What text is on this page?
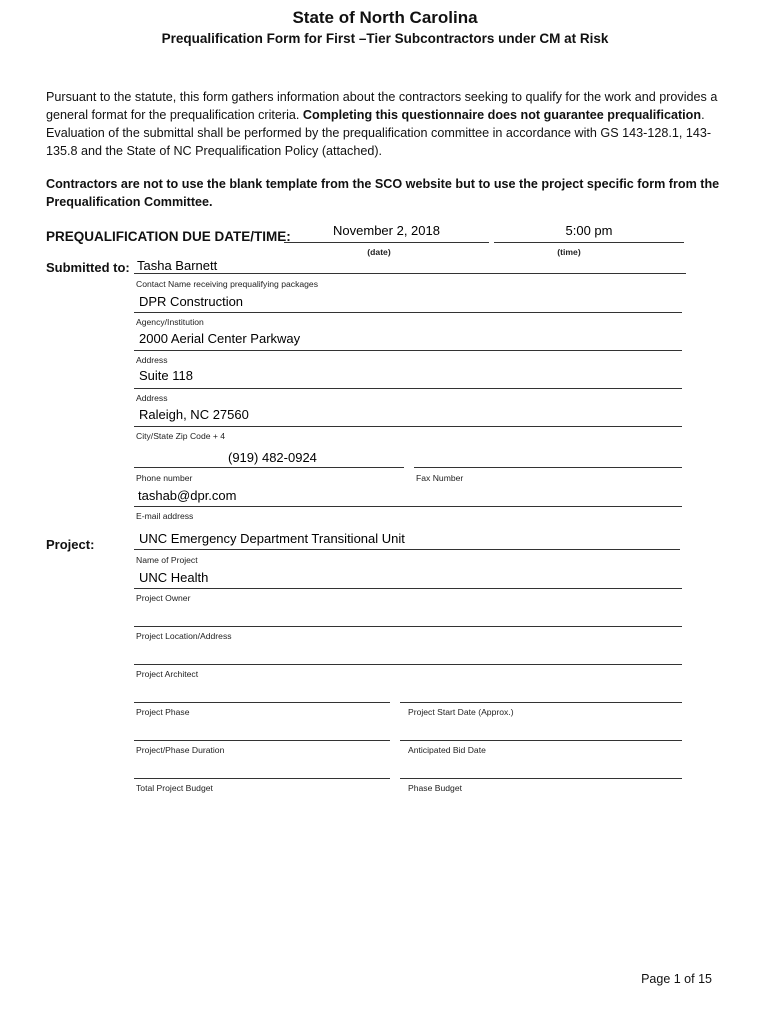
State of North Carolina
Prequalification Form for First –Tier Subcontractors under CM at Risk
Pursuant to the statute, this form gathers information about the contractors seeking to qualify for the work and provides a general format for the prequalification criteria. Completing this questionnaire does not guarantee prequalification. Evaluation of the submittal shall be performed by the prequalification committee in accordance with GS 143-128.1, 143-135.8 and the State of NC Prequalification Policy (attached).
Contractors are not to use the blank template from the SCO website but to use the project specific form from the Prequalification Committee.
PREQUALIFICATION DUE DATE/TIME:	November 2, 2018
(date)
5:00 pm
(time)
Submitted to: Tasha Barnett
Contact Name receiving prequalifying packages
DPR Construction
Agency/Institution
2000 Aerial Center Parkway
Address
Suite 118
Address
Raleigh, NC 27560
City/State Zip Code + 4
(919) 482-0924
Phone number	Fax Number
tashab@dpr.com
E-mail address
Project:	UNC Emergency Department Transitional Unit
Name of Project
UNC Health
Project Owner
Project Location/Address
Project Architect
Project Phase	Project Start Date (Approx.)
Project/Phase Duration	Anticipated Bid Date
Total Project Budget	Phase Budget
Page 1 of 15
